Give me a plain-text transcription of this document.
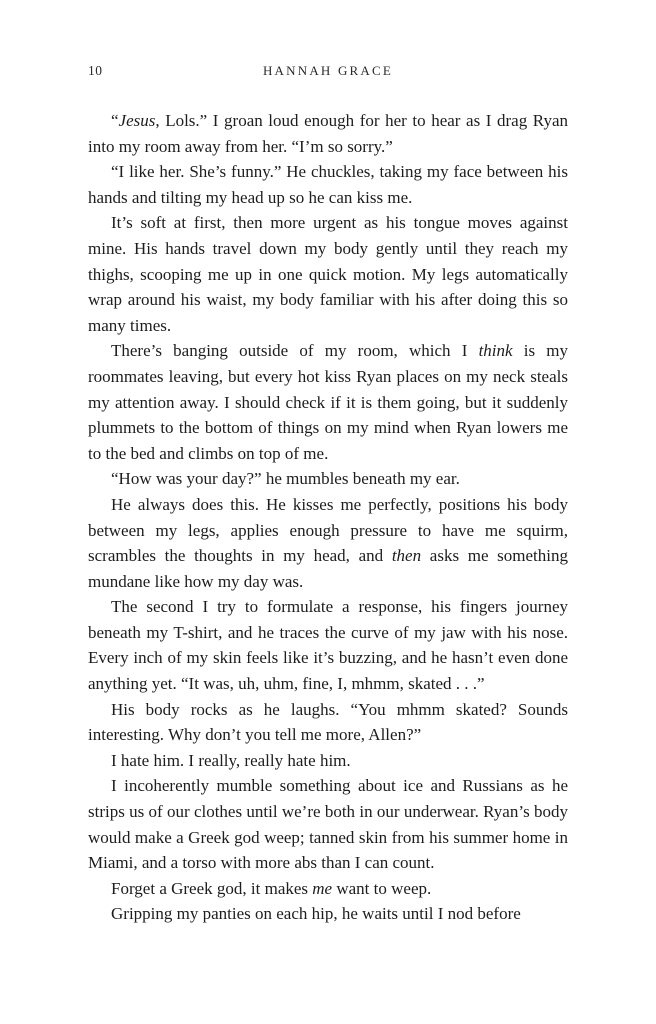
10	HANNAH GRACE

“Jesus, Lols.” I groan loud enough for her to hear as I drag Ryan into my room away from her. “I’m so sorry.”

“I like her. She’s funny.” He chuckles, taking my face between his hands and tilting my head up so he can kiss me.

It’s soft at first, then more urgent as his tongue moves against mine. His hands travel down my body gently until they reach my thighs, scooping me up in one quick motion. My legs automatically wrap around his waist, my body familiar with his after doing this so many times.

There’s banging outside of my room, which I think is my roommates leaving, but every hot kiss Ryan places on my neck steals my attention away. I should check if it is them going, but it suddenly plummets to the bottom of things on my mind when Ryan lowers me to the bed and climbs on top of me.

“How was your day?” he mumbles beneath my ear.

He always does this. He kisses me perfectly, positions his body between my legs, applies enough pressure to have me squirm, scrambles the thoughts in my head, and then asks me something mundane like how my day was.

The second I try to formulate a response, his fingers journey beneath my T-shirt, and he traces the curve of my jaw with his nose. Every inch of my skin feels like it’s buzzing, and he hasn’t even done anything yet. “It was, uh, uhm, fine, I, mhmm, skated . . .”

His body rocks as he laughs. “You mhmm skated? Sounds interesting. Why don’t you tell me more, Allen?”

I hate him. I really, really hate him.

I incoherently mumble something about ice and Russians as he strips us of our clothes until we’re both in our underwear. Ryan’s body would make a Greek god weep; tanned skin from his summer home in Miami, and a torso with more abs than I can count.

Forget a Greek god, it makes me want to weep.

Gripping my panties on each hip, he waits until I nod before
